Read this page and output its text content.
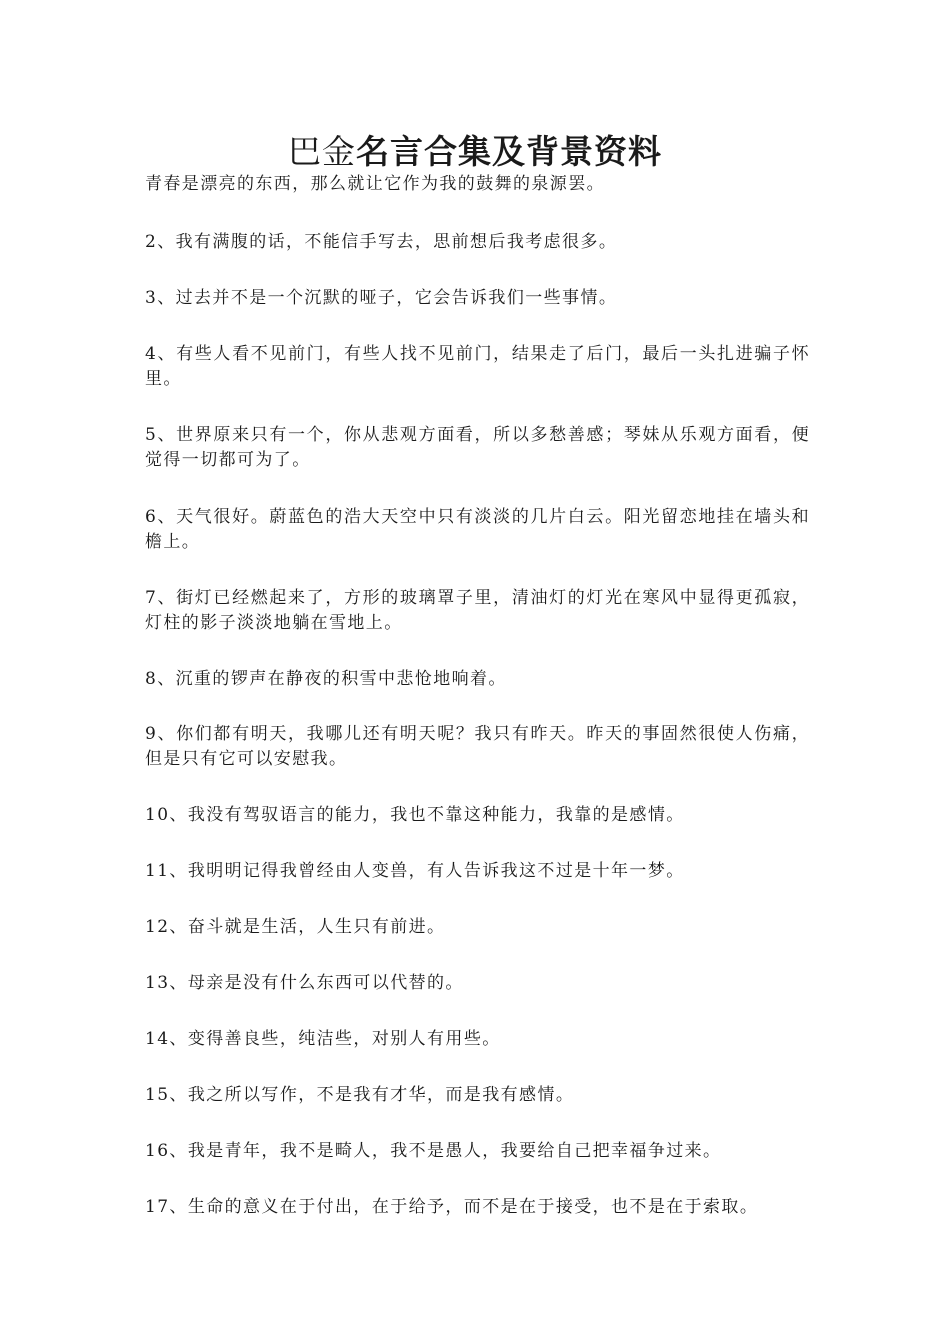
巴金名言合集及背景资料

青春是漂亮的东西，那么就让它作为我的鼓舞的泉源罢。

2、我有满腹的话，不能信手写去，思前想后我考虑很多。

3、过去并不是一个沉默的哑子，它会告诉我们一些事情。

4、有些人看不见前门，有些人找不见前门，结果走了后门，最后一头扎进骗子怀里。

5、世界原来只有一个，你从悲观方面看，所以多愁善感；琴妹从乐观方面看，便觉得一切都可为了。

6、天气很好。蔚蓝色的浩大天空中只有淡淡的几片白云。阳光留恋地挂在墙头和檐上。

7、街灯已经燃起来了，方形的玻璃罩子里，清油灯的灯光在寒风中显得更孤寂，灯柱的影子淡淡地躺在雪地上。

8、沉重的锣声在静夜的积雪中悲怆地响着。

9、你们都有明天，我哪儿还有明天呢？我只有昨天。昨天的事固然很使人伤痛，但是只有它可以安慰我。

10、我没有驾驭语言的能力，我也不靠这种能力，我靠的是感情。

11、我明明记得我曾经由人变兽，有人告诉我这不过是十年一梦。

12、奋斗就是生活，人生只有前进。

13、母亲是没有什么东西可以代替的。

14、变得善良些，纯洁些，对别人有用些。

15、我之所以写作，不是我有才华，而是我有感情。

16、我是青年，我不是畸人，我不是愚人，我要给自己把幸福争过来。

17、生命的意义在于付出，在于给予，而不是在于接受，也不是在于索取。
